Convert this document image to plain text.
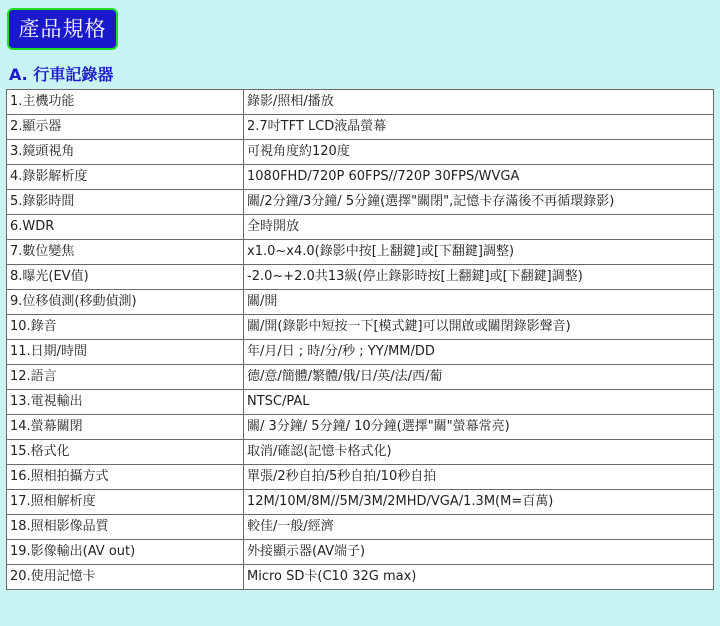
產品規格
A. 行車記錄器
1.主機功能	錄影/照相/播放
2.顯示器	2.7吋TFT LCD液晶螢幕
3.鏡頭視角	可視角度約120度
4.錄影解析度	1080FHD/720P 60FPS//720P 30FPS/WVGA
5.錄影時間	關/2分鐘/3分鐘/ 5分鐘(選擇"關閉",記憶卡存滿後不再循環錄影)
6.WDR	全時開放
7.數位變焦	x1.0~x4.0(錄影中按[上翻鍵]或[下翻鍵]調整)
8.曝光(EV值)	-2.0~+2.0共13級(停止錄影時按[上翻鍵]或[下翻鍵]調整)
9.位移偵測(移動偵測)	關/開
10.錄音	關/開(錄影中短按一下[模式鍵]可以開啟或關閉錄影聲音)
11.日期/時間	年/月/日 ; 時/分/秒 ; YY/MM/DD
12.語言	德/意/簡體/繁體/俄/日/英/法/西/葡
13.電視輸出	NTSC/PAL
14.螢幕關閉	關/ 3分鐘/ 5分鐘/ 10分鐘(選擇"關"螢幕常亮)
15.格式化	取消/確認(記憶卡格式化)
16.照相拍攝方式	單張/2秒自拍/5秒自拍/10秒自拍
17.照相解析度	12M/10M/8M//5M/3M/2MHD/VGA/1.3M(M=百萬)
18.照相影像品質	較佳/一般/經濟
19.影像輸出(AV out)	外接顯示器(AV端子)
20.使用記憶卡	Micro SD卡(C10 32G max)
